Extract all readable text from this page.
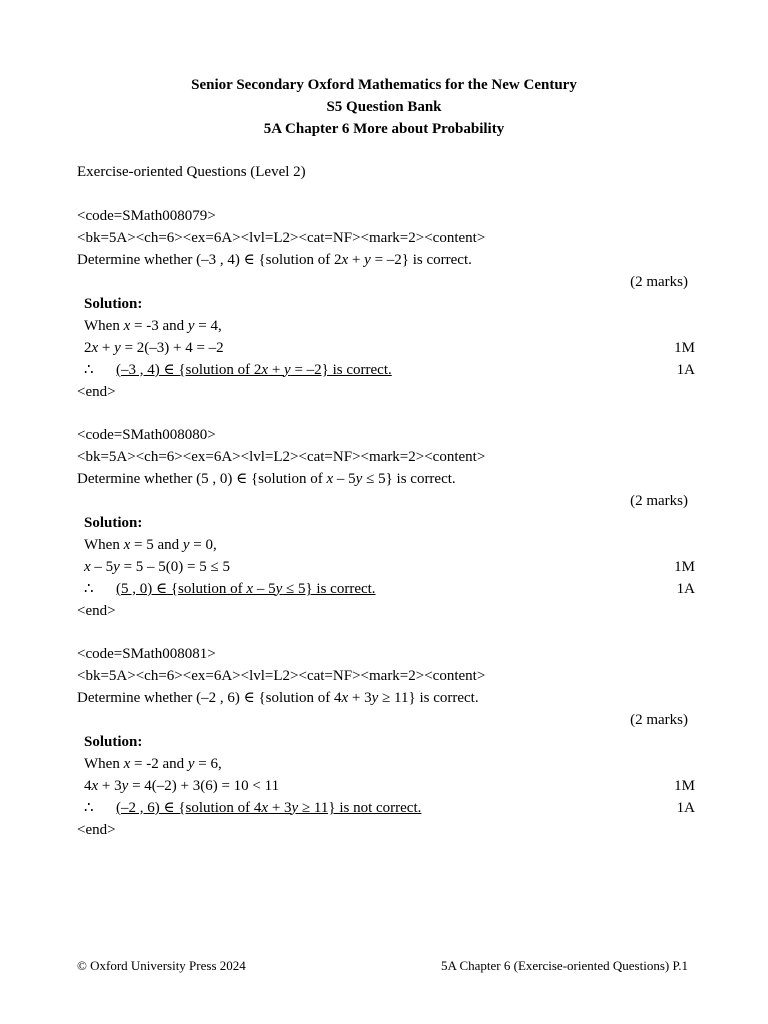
Senior Secondary Oxford Mathematics for the New Century
S5 Question Bank
5A Chapter 6 More about Probability
Exercise-oriented Questions (Level 2)
<code=SMath008079>
<bk=5A><ch=6><ex=6A><lvl=L2><cat=NF><mark=2><content>
Determine whether (–3 , 4) ∈ {solution of 2x + y = –2} is correct.
(2 marks)
Solution:
When x = -3 and y = 4,
2x + y = 2(–3) + 4 = –2	1M
∴ (–3 , 4) ∈ {solution of 2x + y = –2} is correct.	1A
<end>
<code=SMath008080>
<bk=5A><ch=6><ex=6A><lvl=L2><cat=NF><mark=2><content>
Determine whether (5 , 0) ∈ {solution of x – 5y ≤ 5} is correct.
(2 marks)
Solution:
When x = 5 and y = 0,
x – 5y = 5 – 5(0) = 5 ≤ 5	1M
∴ (5 , 0) ∈ {solution of x – 5y ≤ 5} is correct.	1A
<end>
<code=SMath008081>
<bk=5A><ch=6><ex=6A><lvl=L2><cat=NF><mark=2><content>
Determine whether (–2 , 6) ∈ {solution of 4x + 3y ≥ 11} is correct.
(2 marks)
Solution:
When x = -2 and y = 6,
4x + 3y = 4(–2) + 3(6) = 10 < 11	1M
∴ (–2 , 6) ∈ {solution of 4x + 3y ≥ 11} is not correct.	1A
<end>
© Oxford University Press 2024	5A Chapter 6 (Exercise-oriented Questions) P.1
